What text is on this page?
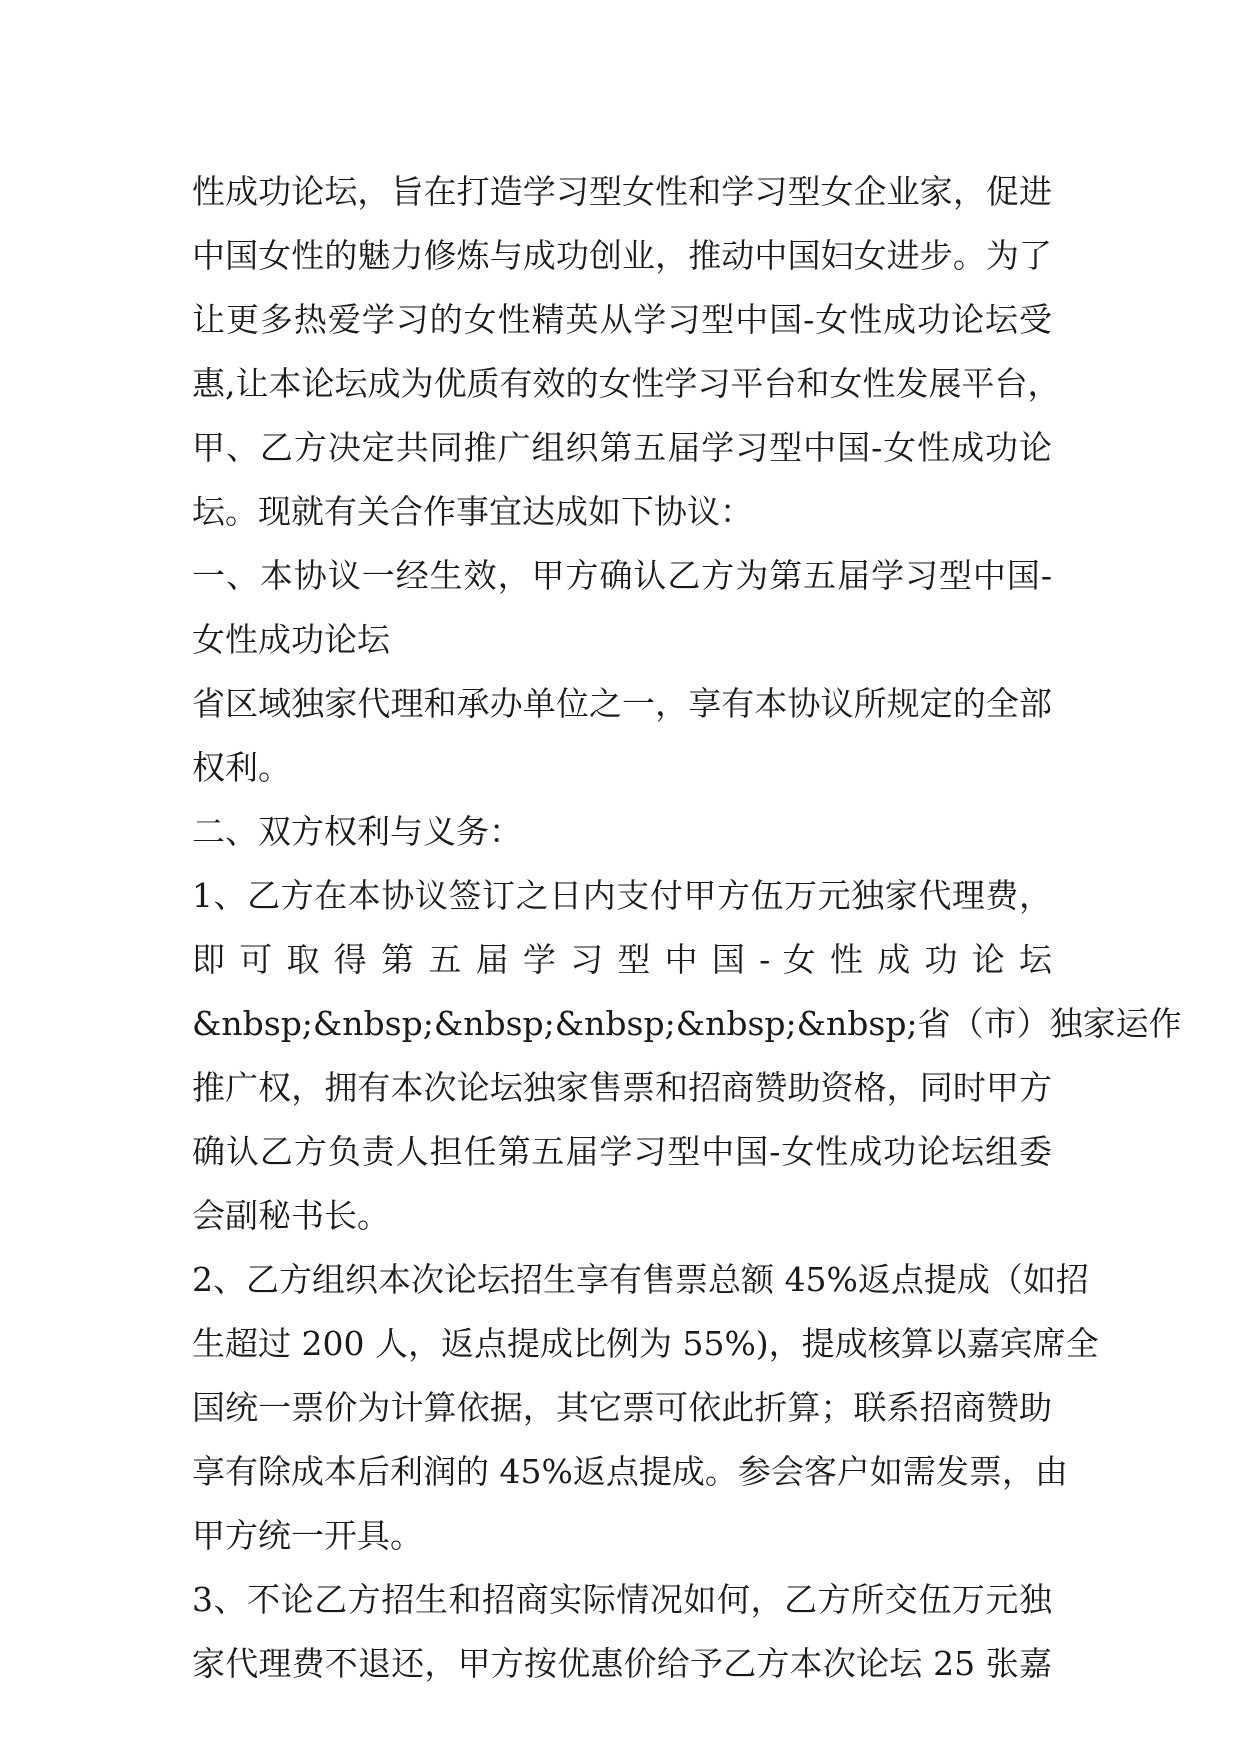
性成功论坛，旨在打造学习型女性和学习型女企业家，促进
中国女性的魅力修炼与成功创业，推动中国妇女进步。为了
让更多热爱学习的女性精英从学习型中国-女性成功论坛受
惠,让本论坛成为优质有效的女性学习平台和女性发展平台，
甲、乙方决定共同推广组织第五届学习型中国-女性成功论
坛。现就有关合作事宜达成如下协议：
一、本协议一经生效，甲方确认乙方为第五届学习型中国-
女性成功论坛
省区域独家代理和承办单位之一，享有本协议所规定的全部
权利。
二、双方权利与义务：
1、乙方在本协议签订之日内支付甲方伍万元独家代理费，
即 可 取 得 第 五 届 学 习 型 中 国 - 女 性 成 功 论 坛
&nbsp;&nbsp;&nbsp;&nbsp;&nbsp;&nbsp;省（市）独家运作
推广权，拥有本次论坛独家售票和招商赞助资格，同时甲方
确认乙方负责人担任第五届学习型中国-女性成功论坛组委
会副秘书长。
2、乙方组织本次论坛招生享有售票总额 45%返点提成（如招
生超过 200 人，返点提成比例为 55%)，提成核算以嘉宾席全
国统一票价为计算依据，其它票可依此折算；联系招商赞助
享有除成本后利润的 45%返点提成。参会客户如需发票，由
甲方统一开具。
3、不论乙方招生和招商实际情况如何，乙方所交伍万元独
家代理费不退还，甲方按优惠价给予乙方本次论坛 25 张嘉
